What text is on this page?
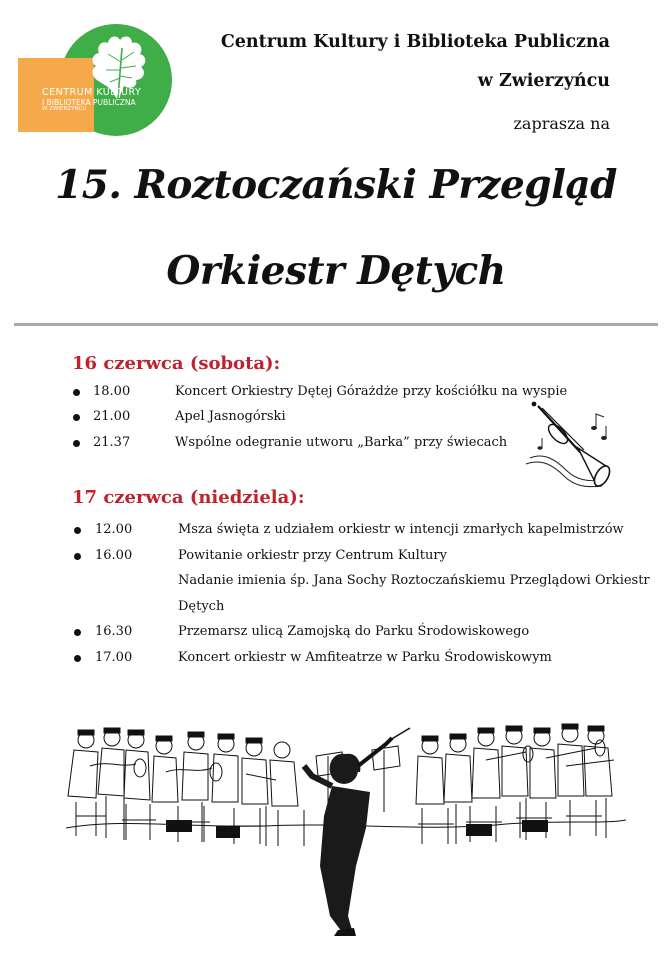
CENTRUM KULTURY
I BIBLIOTEKA PUBLICZNA
W ZWIERZYŃCU
Centrum Kultury i Biblioteka Publiczna
w Zwierzyńcu
zaprasza na
15. Roztoczański Przegląd
Orkiestr Dętych
16 czerwca (sobota):
18.00	Koncert Orkiestry Dętej Górażdże przy kościółku na wyspie
21.00	Apel Jasnogórski
21.37	Wspólne odegranie utworu „Barka” przy świecach
17 czerwca (niedziela):
12.00	Msza święta z udziałem orkiestr w intencji zmarłych kapelmistrzów
16.00	Powitanie orkiestr przy Centrum Kultury
Nadanie imienia śp. Jana Sochy Roztoczańskiemu Przeglądowi Orkiestr
Dętych
16.30	Przemarsz ulicą Zamojską do Parku Środowiskowego
17.00	Koncert orkiestr w Amfiteatrze w Parku Środowiskowym
